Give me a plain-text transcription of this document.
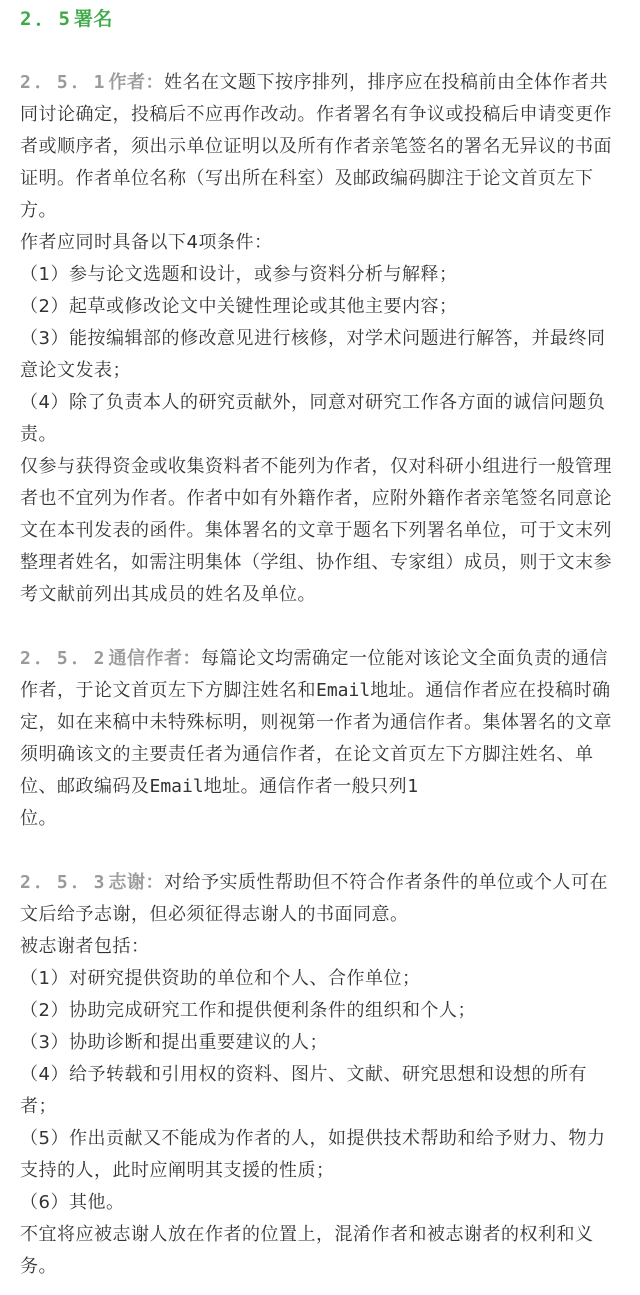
2．5署名

2．5．1作者：姓名在文题下按序排列，排序应在投稿前由全体作者共同讨论确定，投稿后不应再作改动。作者署名有争议或投稿后申请变更作者或顺序者，须出示单位证明以及所有作者亲笔签名的署名无异议的书面证明。作者单位名称（写出所在科室）及邮政编码脚注于论文首页左下方。

作者应同时具备以下4项条件：

（1）参与论文选题和设计，或参与资料分析与解释；

（2）起草或修改论文中关键性理论或其他主要内容；

（3）能按编辑部的修改意见进行核修，对学术问题进行解答，并最终同意论文发表；

（4）除了负责本人的研究贡献外，同意对研究工作各方面的诚信问题负责。

仅参与获得资金或收集资料者不能列为作者，仅对科研小组进行一般管理者也不宜列为作者。作者中如有外籍作者，应附外籍作者亲笔签名同意论文在本刊发表的函件。集体署名的文章于题名下列署名单位，可于文末列整理者姓名，如需注明集体（学组、协作组、专家组）成员，则于文末参考文献前列出其成员的姓名及单位。

2．5．2通信作者：每篇论文均需确定一位能对该论文全面负责的通信作者，于论文首页左下方脚注姓名和Email地址。通信作者应在投稿时确定，如在来稿中未特殊标明，则视第一作者为通信作者。集体署名的文章须明确该文的主要责任者为通信作者，在论文首页左下方脚注姓名、单位、邮政编码及Email地址。通信作者一般只列1
位。

2．5．3志谢：对给予实质性帮助但不符合作者条件的单位或个人可在文后给予志谢，但必须征得志谢人的书面同意。

被志谢者包括：

（1）对研究提供资助的单位和个人、合作单位；

（2）协助完成研究工作和提供便利条件的组织和个人；

（3）协助诊断和提出重要建议的人；

（4）给予转载和引用权的资料、图片、文献、研究思想和设想的所有者；

（5）作出贡献又不能成为作者的人，如提供技术帮助和给予财力、物力支持的人，此时应阐明其支援的性质；

（6）其他。

不宜将应被志谢人放在作者的位置上，混淆作者和被志谢者的权利和义务。
